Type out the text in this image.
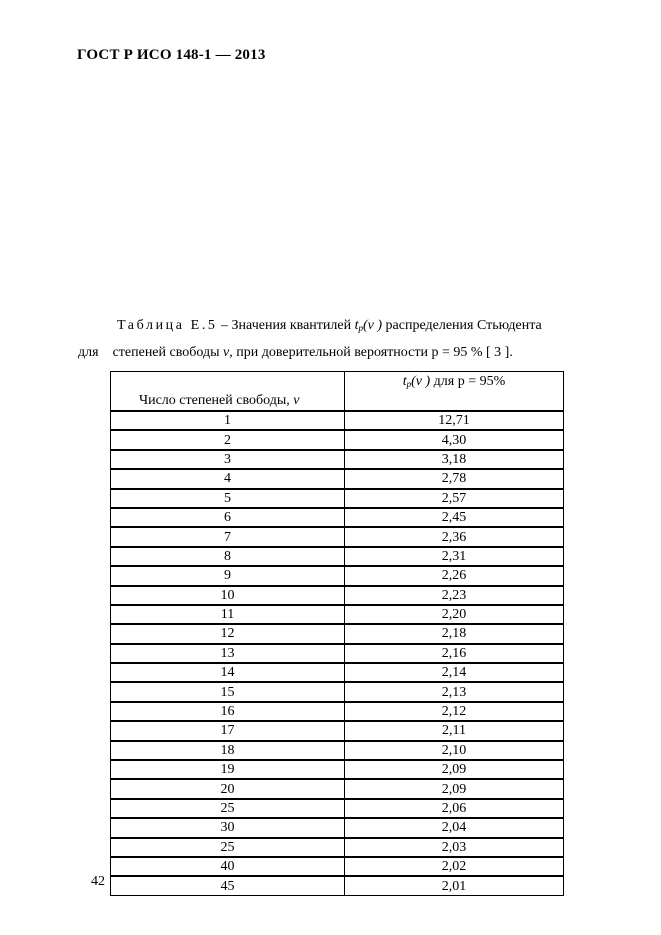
ГОСТ Р ИСО 148-1 — 2013
Таблица Е.5 – Значения квантилей $t_p(v$ ) распределения Стьюдента
для степеней свободы v, при доверительной вероятности p = 95 % [ 3 ].
Число степеней свободы, v	$t_p(v$ ) для p = 95%
1	12,71
2	4,30
3	3,18
4	2,78
5	2,57
6	2,45
7	2,36
8	2,31
9	2,26
10	2,23
11	2,20
12	2,18
13	2,16
14	2,14
15	2,13
16	2,12
17	2,11
18	2,10
19	2,09
20	2,09
25	2,06
30	2,04
25	2,03
40	2,02
45	2,01
42
